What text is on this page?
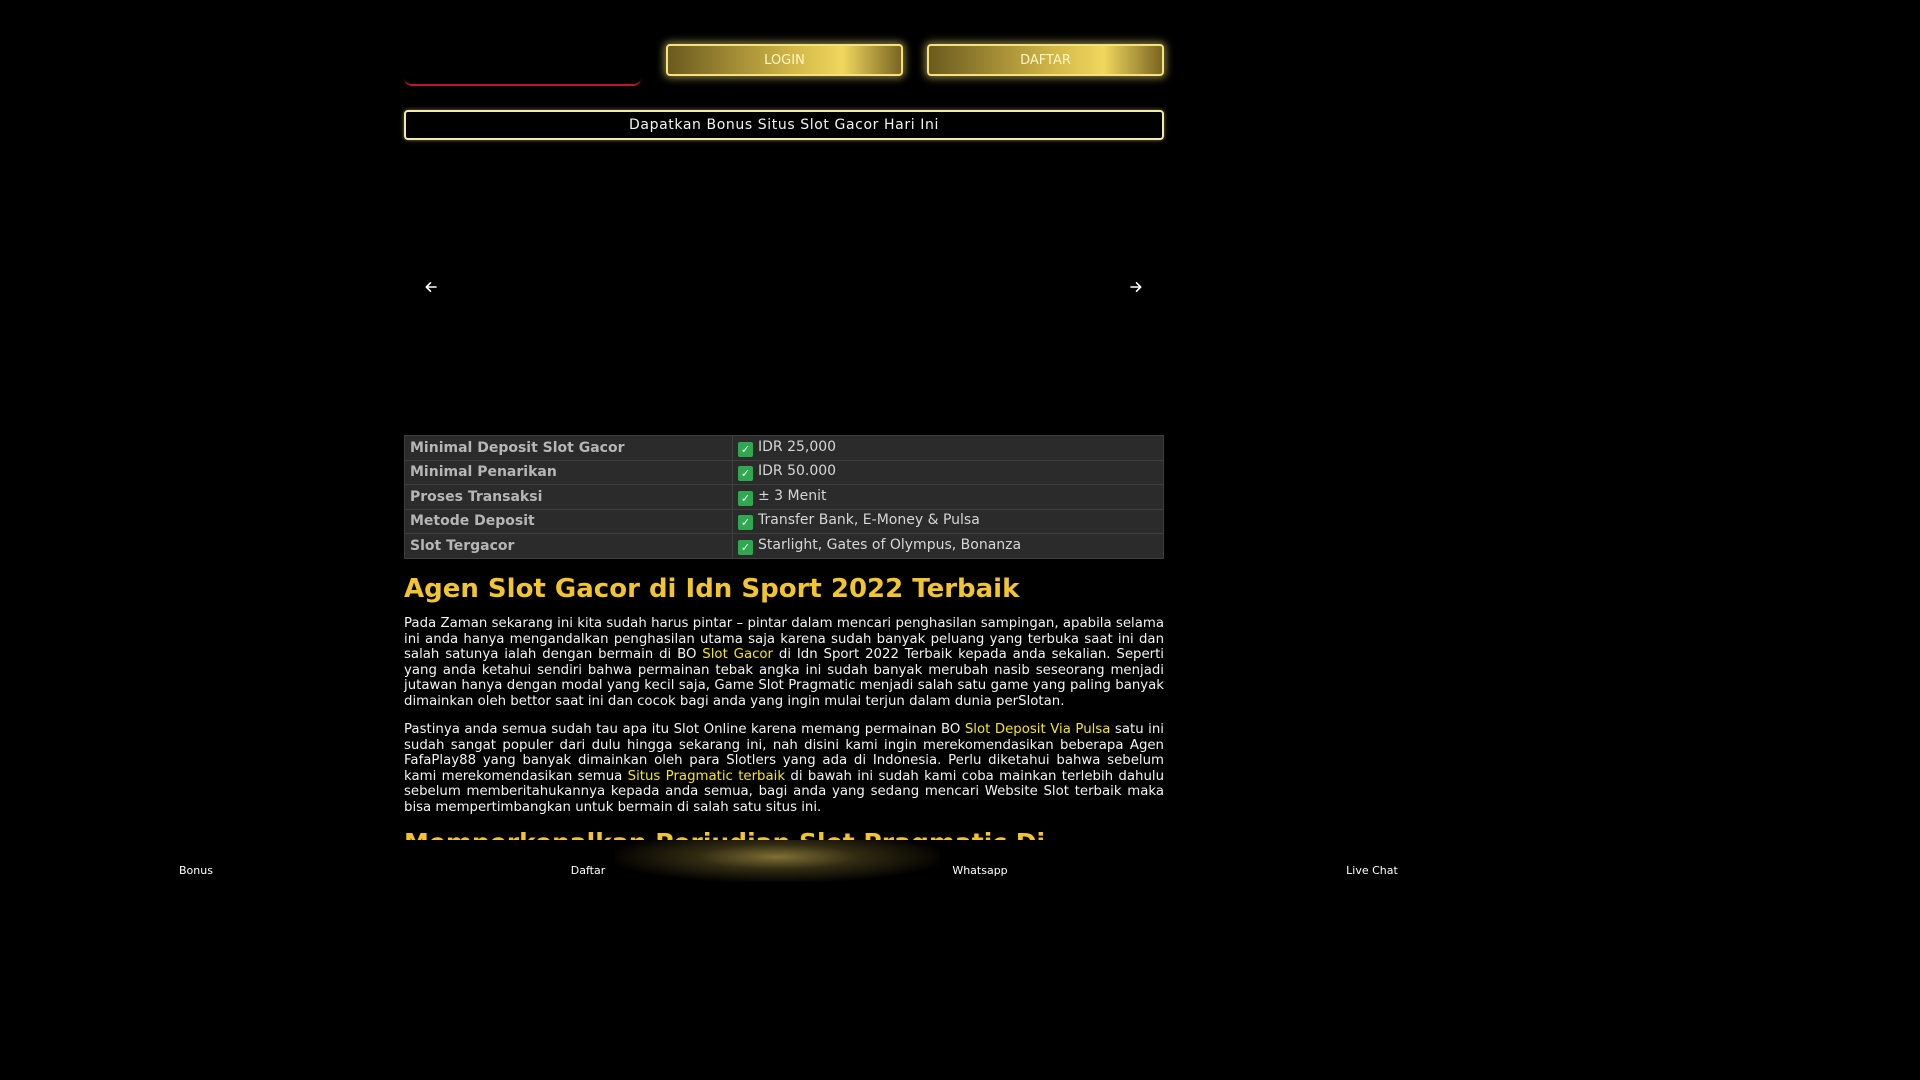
LOGIN	DAFTAR
Dapatkan Bonus Situs Slot Gacor Hari Ini
Minimal Deposit Slot Gacor	✓ IDR 25,000
Minimal Penarikan	✓ IDR 50.000
Proses Transaksi	✓ ± 3 Menit
Metode Deposit	✓ Transfer Bank, E-Money & Pulsa
Slot Tergacor	✓ Starlight, Gates of Olympus, Bonanza
Agen Slot Gacor di Idn Sport 2022 Terbaik

Pada Zaman sekarang ini kita sudah harus pintar – pintar dalam mencari penghasilan sampingan, apabila selama ini anda hanya mengandalkan penghasilan utama saja karena sudah banyak peluang yang terbuka saat ini dan salah satunya ialah dengan bermain di BO Slot Gacor di Idn Sport 2022 Terbaik kepada anda sekalian. Seperti yang anda ketahui sendiri bahwa permainan tebak angka ini sudah banyak merubah nasib seseorang menjadi jutawan hanya dengan modal yang kecil saja, Game Slot Pragmatic menjadi salah satu game yang paling banyak dimainkan oleh bettor saat ini dan cocok bagi anda yang ingin mulai terjun dalam dunia perSlotan.

Pastinya anda semua sudah tau apa itu Slot Online karena memang permainan BO Slot Deposit Via Pulsa satu ini sudah sangat populer dari dulu hingga sekarang ini, nah disini kami ingin merekomendasikan beberapa Agen FafaPlay88 yang banyak dimainkan oleh para Slotlers yang ada di Indonesia. Perlu diketahui bahwa sebelum kami merekomendasikan semua Situs Pragmatic terbaik di bawah ini sudah kami coba mainkan terlebih dahulu sebelum memberitahukannya kepada anda semua, bagi anda yang sedang mencari Website Slot terbaik maka bisa mempertimbangkan untuk bermain di salah satu situs ini.

Bonus	Daftar	Whatsapp	Live Chat
